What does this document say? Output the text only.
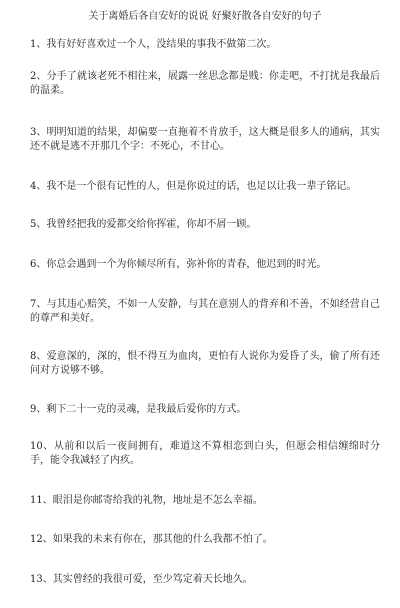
关于离婚后各自安好的说说 好聚好散各自安好的句子
1、我有好好喜欢过一个人，没结果的事我不做第二次。
2、分手了就该老死不相往来，展露一丝思念都是贱：你走吧，不打扰是我最后的温柔。
3、明明知道的结果，却偏要一直拖着不肯放手，这大概是很多人的通病，其实还不就是逃不开那几个字：不死心，不甘心。
4、我不是一个很有记性的人，但是你说过的话，也足以让我一辈子铭记。
5、我曾经把我的爱都交给你挥霍，你却不屑一顾。
6、你总会遇到一个为你倾尽所有，弥补你的青春，他迟到的时光。
7、与其违心赔笑，不如一人安静，与其在意别人的背弃和不善，不如经营自己的尊严和美好。
8、爱意深的，深的，恨不得互为血肉，更怕有人说你为爱昏了头，偷了所有还问对方说够不够。
9、剩下二十一克的灵魂，是我最后爱你的方式。
10、从前和以后一夜间拥有，难道这不算相恋到白头，但愿会相信缠绵时分手，能令我减轻了内疚。
11、眼泪是你邮寄给我的礼物，地址是不怎么幸福。
12、如果我的未来有你在，那其他的什么我都不怕了。
13、其实曾经的我很可爱，至少笃定着天长地久。
